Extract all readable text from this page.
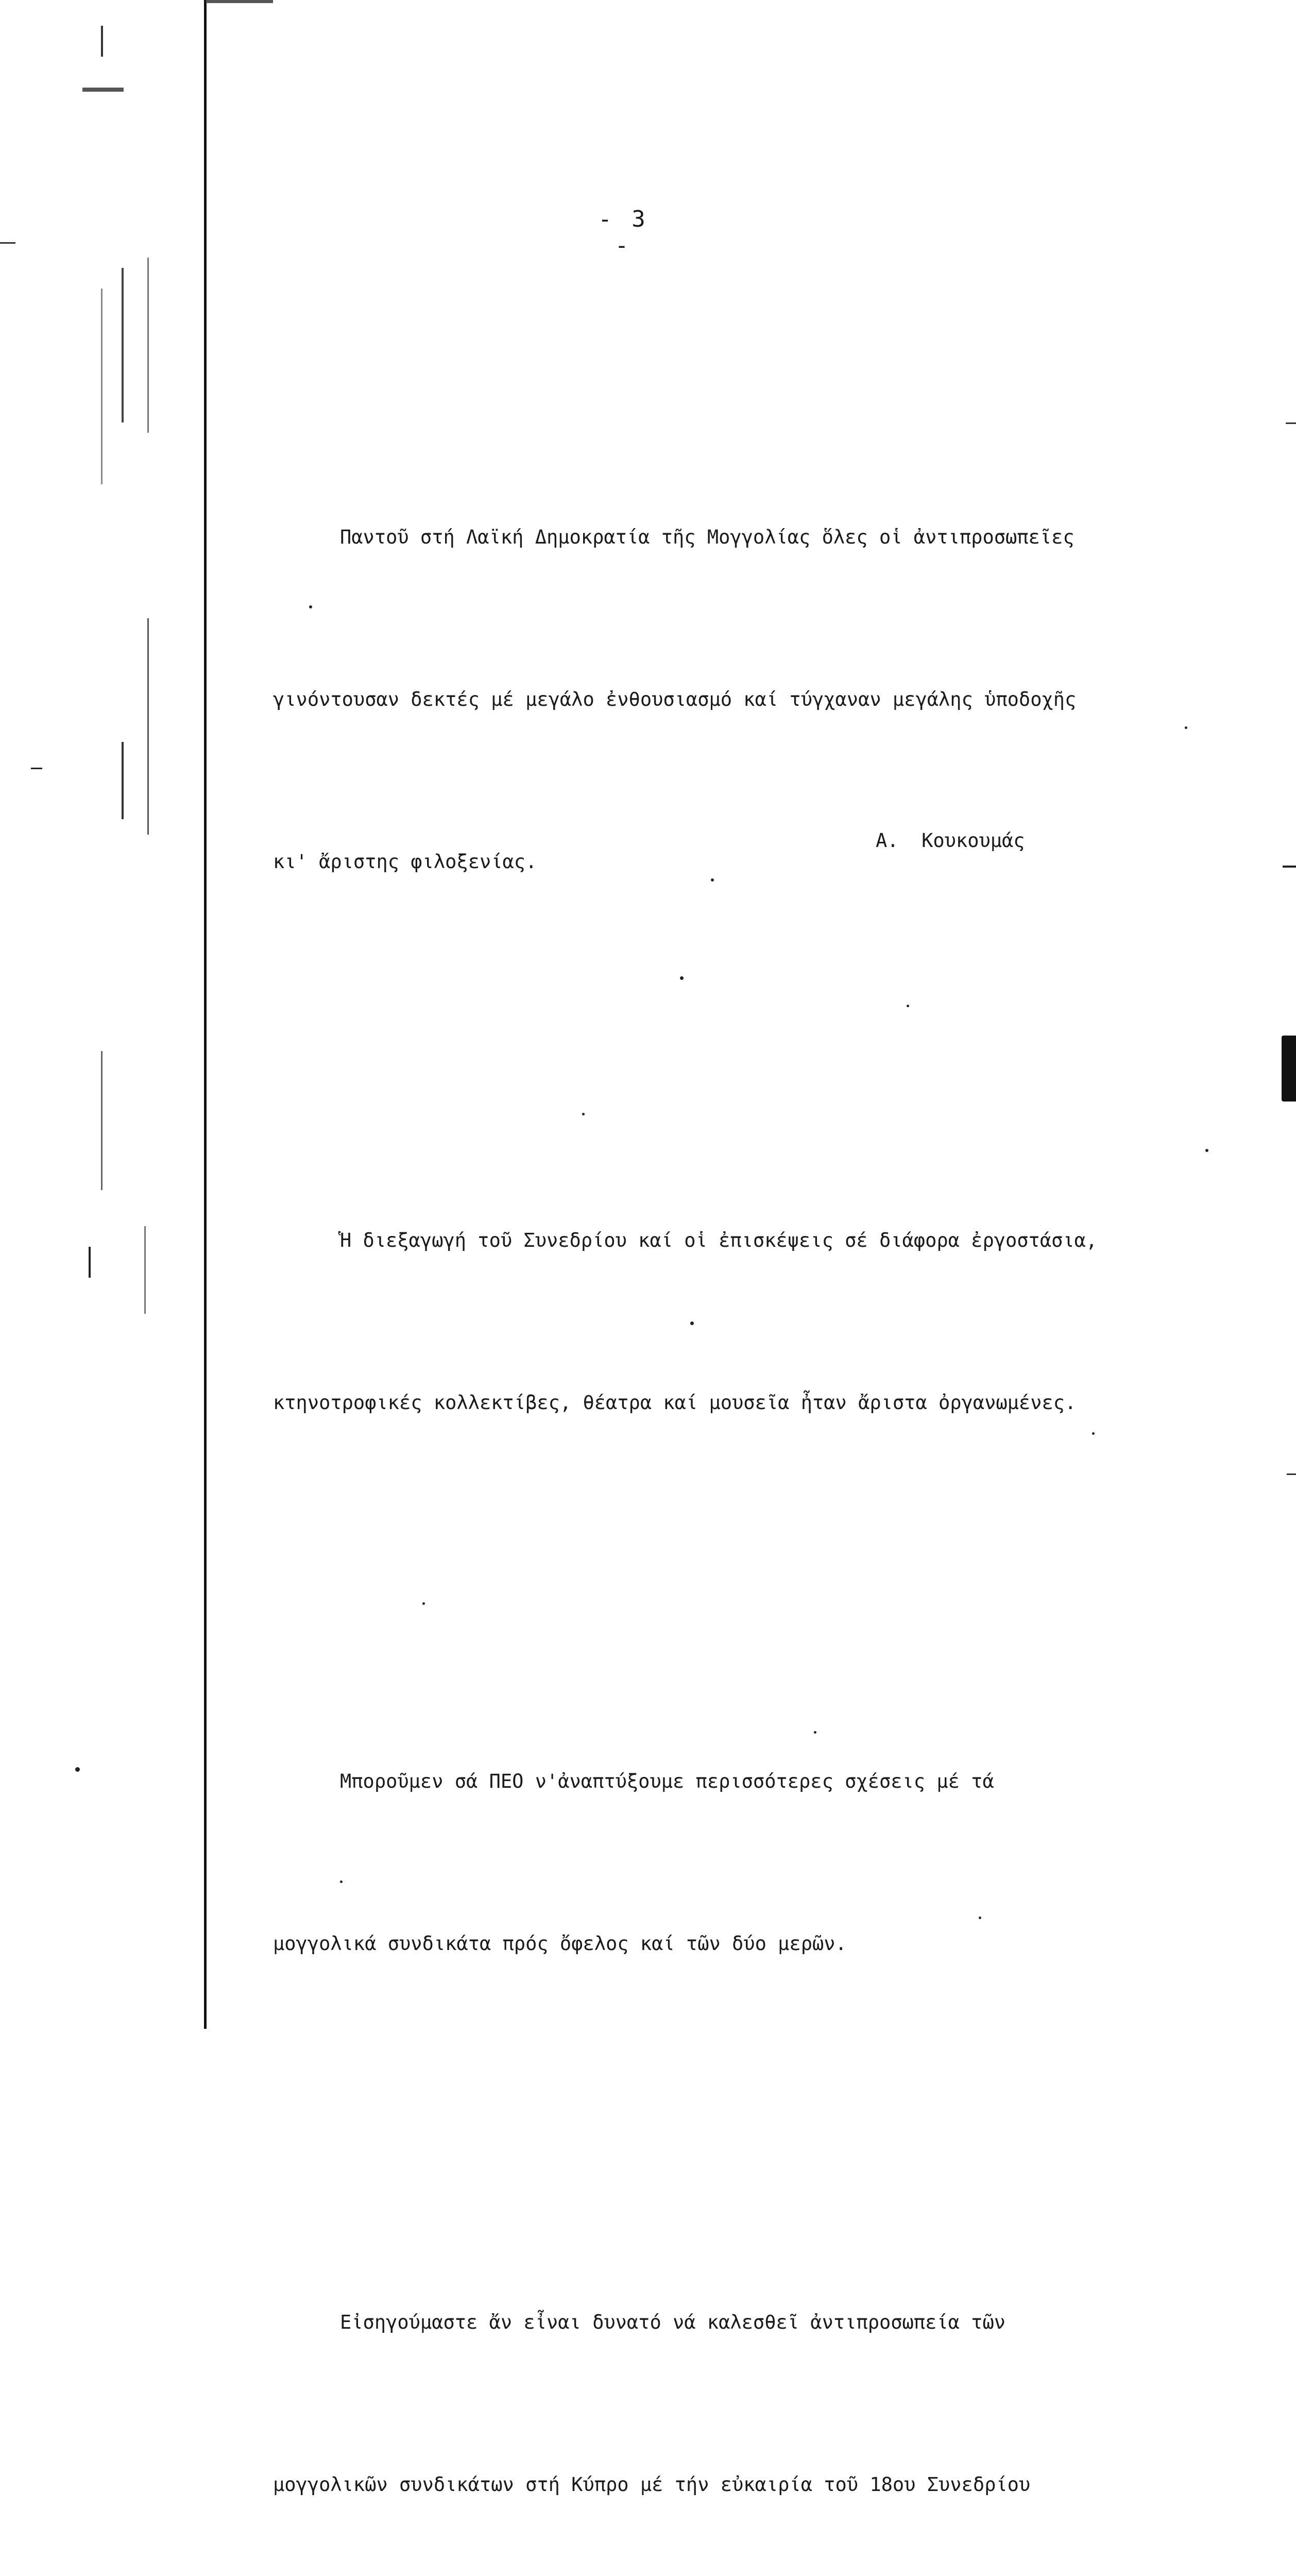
- 3 -

Παντοῦ στή Λαϊκή Δημοκρατία τῆς Μογγολίας ὅλες οἱ ἀντιπροσωπεῖες

γινόντουσαν δεκτές μέ μεγάλο ἐνθουσιασμό καί τύγχαναν μεγάλης ὑποδοχῆς

κι' ἄριστης φιλοξενίας.

Ἡ διεξαγωγή τοῦ Συνεδρίου καί οἱ ἐπισκέψεις σέ διάφορα ἐργοστάσια,

κτηνοτροφικές κολλεκτίβες, θέατρα καί μουσεῖα ἦταν ἄριστα ὀργανωμένες.

Μποροῦμεν σά ΠΕΟ ν'ἀναπτύξουμε περισσότερες σχέσεις μέ τά

μογγολικά συνδικάτα πρός ὄφελος καί τῶν δύο μερῶν.

Εἰσηγούμαστε ἄν εἶναι δυνατό νά καλεσθεῖ ἀντιπροσωπεία τῶν

μογγολικῶν συνδικάτων στή Κύπρο μέ τήν εὐκαιρία τοῦ 18ου Συνεδρίου

Α.  Κουκουμάς
